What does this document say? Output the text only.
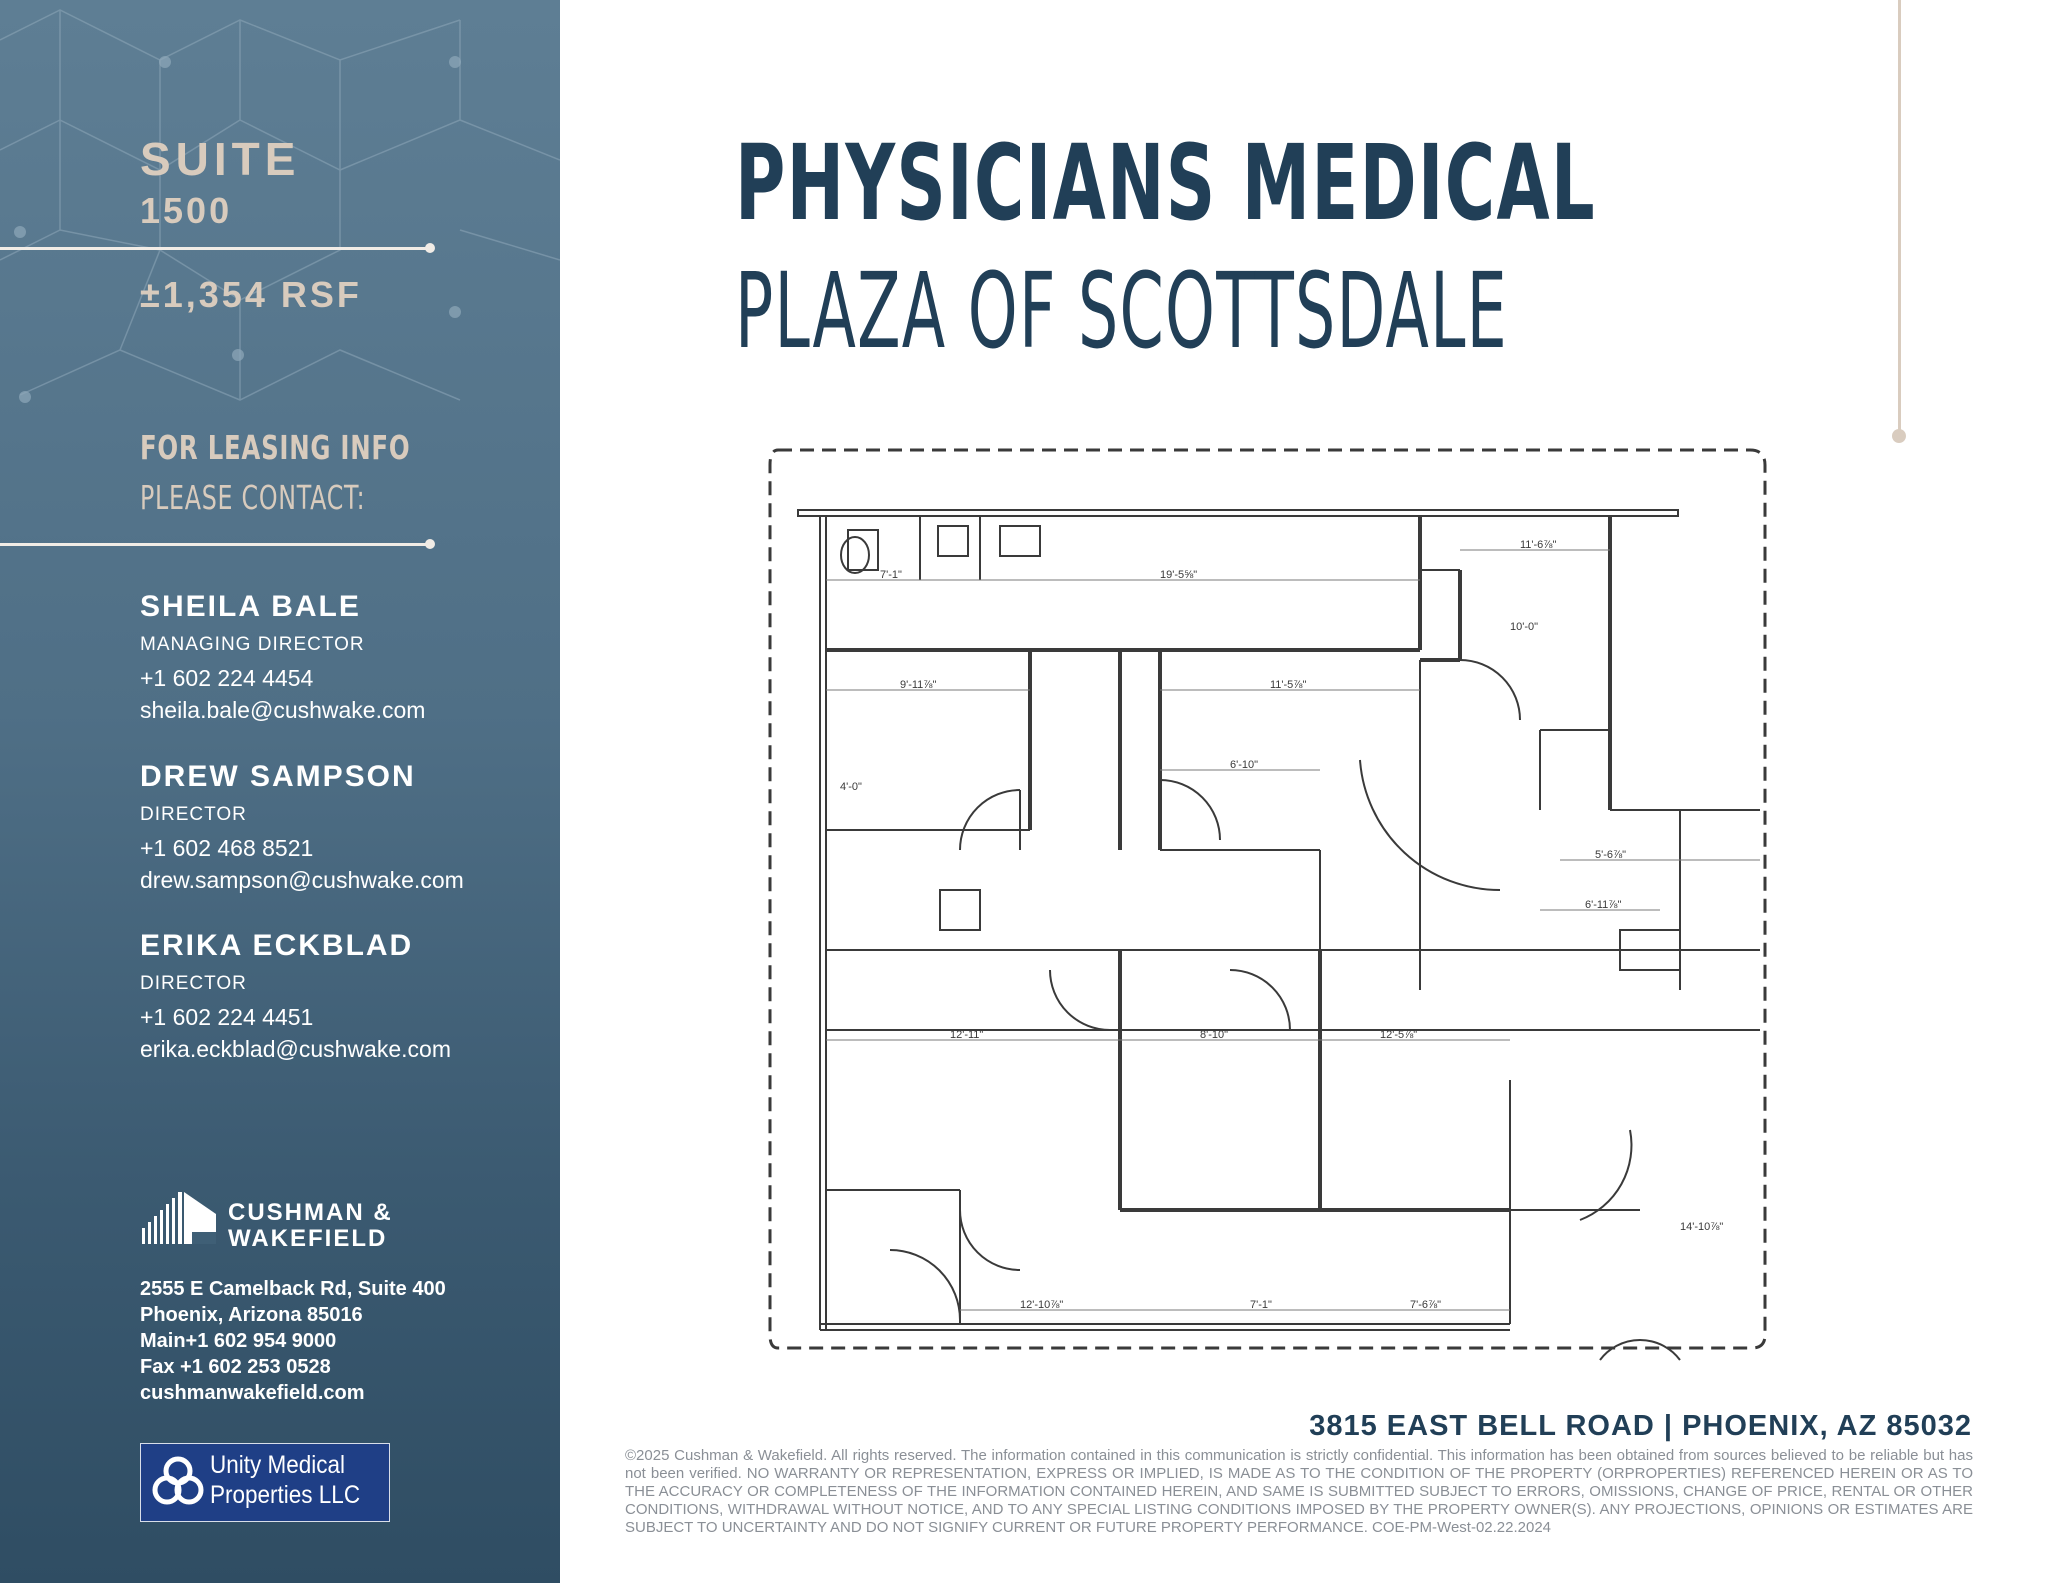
SUITE
1500
±1,354 RSF
FOR LEASING INFO
PLEASE CONTACT:
SHEILA BALE
MANAGING DIRECTOR
+1 602 224 4454
sheila.bale@cushwake.com
DREW SAMPSON
DIRECTOR
+1 602 468 8521
drew.sampson@cushwake.com
ERIKA ECKBLAD
DIRECTOR
+1 602 224 4451
erika.eckblad@cushwake.com
CUSHMAN &
WAKEFIELD
2555 E Camelback Rd, Suite 400
Phoenix, Arizona 85016
Main+1 602 954 9000
Fax +1 602 253 0528
cushmanwakefield.com
Unity Medical
Properties LLC
PHYSICIANS MEDICAL
PLAZA OF SCOTTSDALE
7'-1"	19'-5⅝"
11'-6⅞"
5'-6⅞"
9'-11⅞"	11'-5⅞"
6'-10"
4'-0"
8'-10"
12'-11"	12'-5⅞"
6'-11⅞"
12'-10⅞"	7'-1"	7'-6⅞"
10'-0"
14'-10⅞"
3815 EAST BELL ROAD | PHOENIX, AZ 85032
©2025 Cushman & Wakefield. All rights reserved. The information contained in this communication is strictly confidential. This information has been obtained from sources believed to be reliable but has not been verified. NO WARRANTY OR REPRESENTATION, EXPRESS OR IMPLIED, IS MADE AS TO THE CONDITION OF THE PROPERTY (ORPROPERTIES) REFERENCED HEREIN OR AS TO THE ACCURACY OR COMPLETENESS OF THE INFORMATION CONTAINED HEREIN, AND SAME IS SUBMITTED SUBJECT TO ERRORS, OMISSIONS, CHANGE OF PRICE, RENTAL OR OTHER CONDITIONS, WITHDRAWAL WITHOUT NOTICE, AND TO ANY SPECIAL LISTING CONDITIONS IMPOSED BY THE PROPERTY OWNER(S). ANY PROJECTIONS, OPINIONS OR ESTIMATES ARE SUBJECT TO UNCERTAINTY AND DO NOT SIGNIFY CURRENT OR FUTURE PROPERTY PERFORMANCE. COE-PM-West-02.22.2024
